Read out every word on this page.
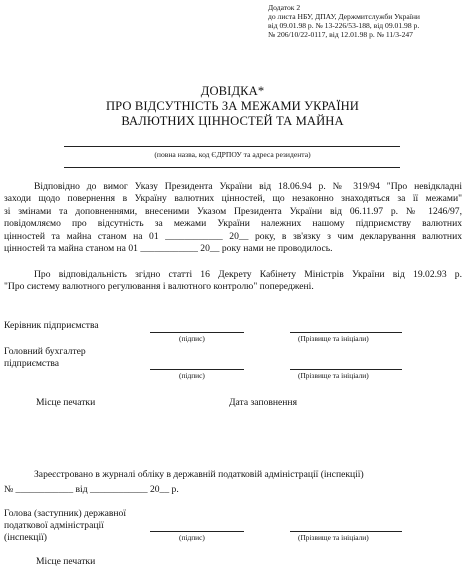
Додаток 2
до листа НБУ, ДПАУ, Держмитслужби України
від 09.01.98 р. № 13-226/53-188, від 09.01.98 р.
№ 206/10/22-0117, від 12.01.98 р. № 11/3-247
ДОВІДКА*
ПРО ВІДСУТНІСТЬ ЗА МЕЖАМИ УКРАЇНИ
ВАЛЮТНИХ ЦІННОСТЕЙ ТА МАЙНА
(повна назва, код ЄДРПОУ та адреса резидента)
Відповідно до вимог Указу Президента України від 18.06.94 р. № 319/94 "Про невідкладні
заходи щодо повернення в Україну валютних цінностей, що незаконно знаходяться за її межами"
зі змінами та доповненнями, внесеними Указом Президента України від 06.11.97 р. № 1246/97,
повідомляємо про відсутність за межами України належних нашому підприємству валютних
цінностей та майна станом на 01 ____________ 20__ року, в зв'язку з чим декларування валютних
цінностей та майна станом на 01 ____________ 20__ року нами не проводилось.
Про відповідальність згідно статті 16 Декрету Кабінету Міністрів України від 19.02.93 р.
"Про систему валютного регулювання і валютного контролю" попереджені.
Керівник підприємства
(підпис)	(Прізвище та ініціали)
Головний бухгалтер
підприємства
(підпис)	(Прізвище та ініціали)
Місце печатки	Дата заповнення
Зареєстровано в журналі обліку в державній податковій адміністрації (інспекції)
№ ____________ від ____________ 20__ р.
Голова (заступник) державної
податкової адміністрації
(інспекції)	(підпис)	(Прізвище та ініціали)
Місце печатки
